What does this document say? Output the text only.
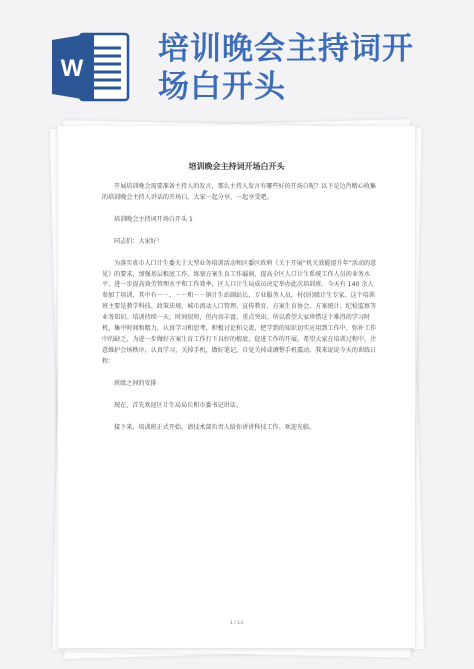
W
培训晚会主持词开
场白开头
培训晚会主持词开场白开头

开展培训晚会需要准备主持人的发言，那么主持人发言有哪些好的开场白呢？以下是边肖精心收集的培训晚会主持人讲话的开场白。大家一起分享，一起享受吧。

培训晚会主持词开场白开头 1

同志们：大家好！

为落实省市人口计生委关于大型业务培训活动和区委区政府《关于开展“机关效能提升年”活动的意见》的要求，加强基层根底工作，练塞方案生育工作漏洞，提高全区人口计生系统工作人员的业务水平，进一步提高效劳管理水平和工作效率，区人口计生局成员决定举办此次培训班。今天有 140 余人参加了培训，其中有－－、－－和－－镇计生站副站长、专业服务人员，村(居)级计生专家。这个培训班主要是教学科技、政策法规、城市流动人口管理、宣传教育、方案生育协会、方案统计、纪检监察等业务知识。培训持续一天，时间很短，但内容丰富，重点突出。所以希望大家珍惜这个难得的学习时机，集中时间和精力，认真学习和思考，积极讨论和交流，把学到的知识切实应用到工作中，弥补工作中的缺乏，为进一步做好方案生育工作打下良好的根底，促进工作的开展。希望大家在培训过程中，注意维护会场秩序，认真学习，关掉手机，做好笔记，自觉关掉或调整手机震动。我来说说今天的训练日程：

班级之间的安排

现在，首先欢迎区计生局局长和市委书记讲话。

接下来，培训班正式开始。请技术部负责人给你讲讲科技工作。欢迎光临。

1 / 13
